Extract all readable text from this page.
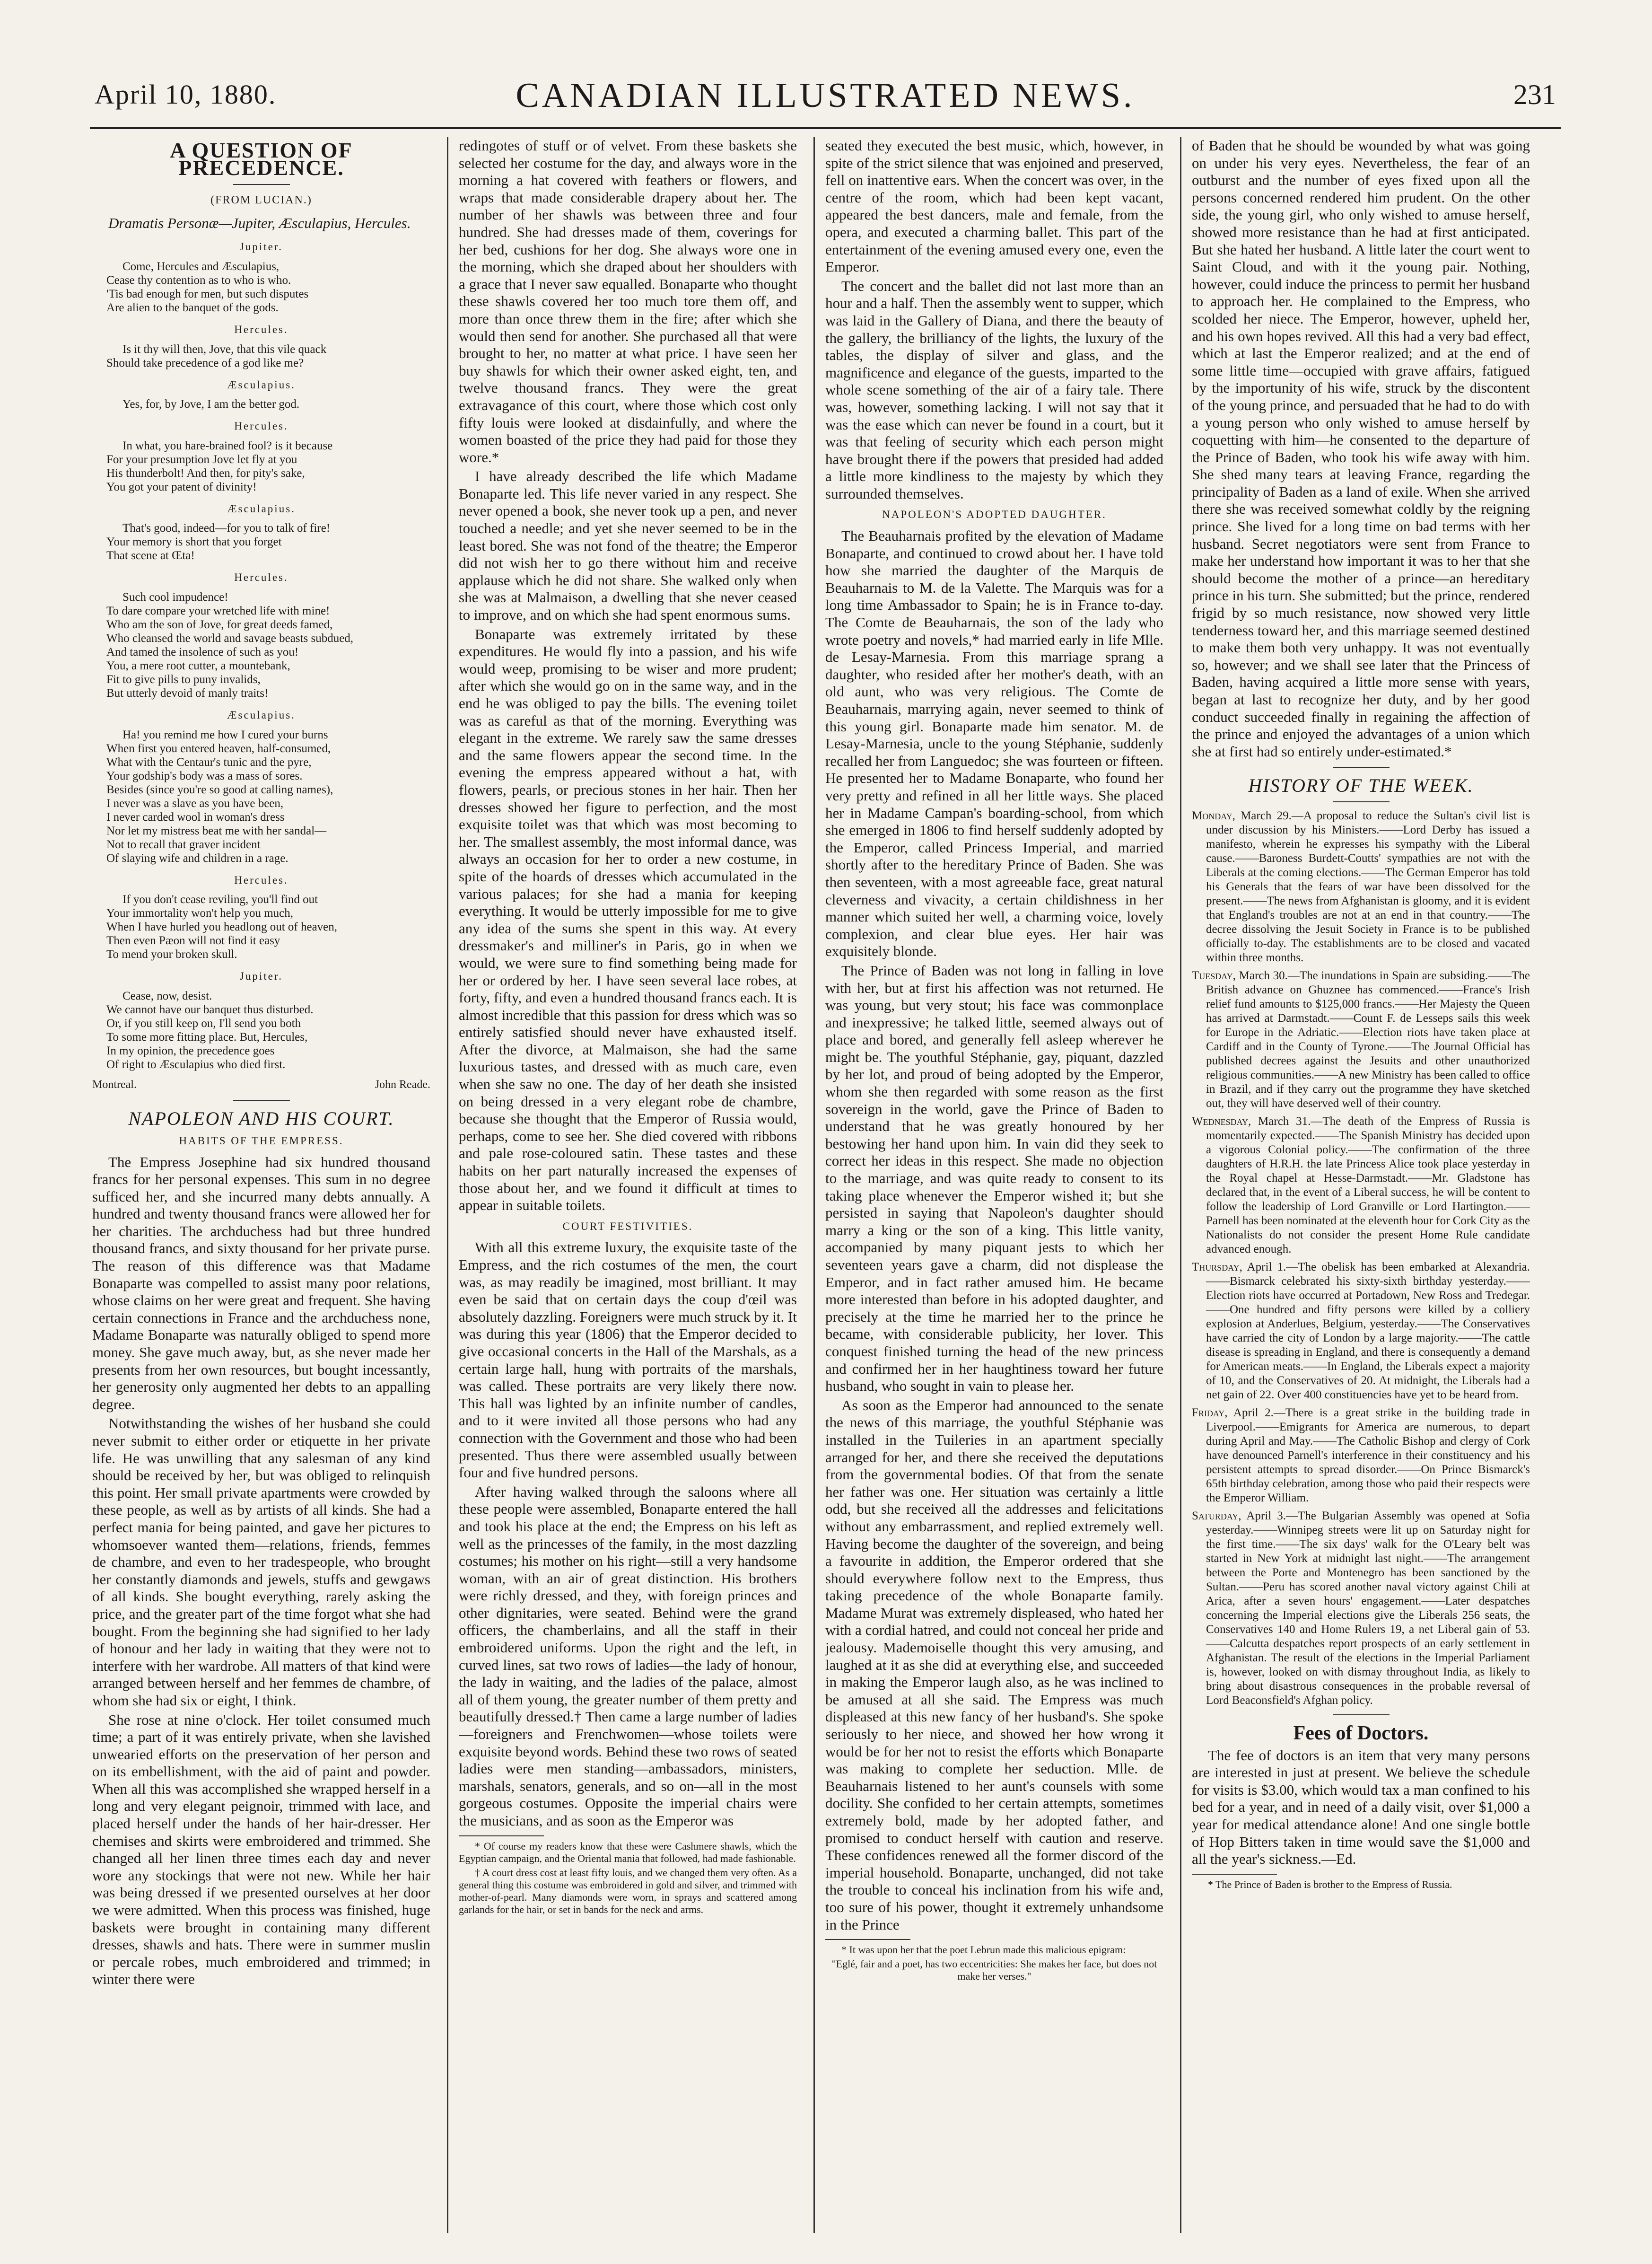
April 10, 1880.	CANADIAN ILLUSTRATED NEWS.	231
A QUESTION OF PRECEDENCE.
(FROM LUCIAN.)

Dramatis Personæ—Jupiter, Æsculapius, Hercules.

Jupiter.

Come, Hercules and Æsculapius,
Cease thy contention as to who is who.
'Tis bad enough for men, but such disputes
Are alien to the banquet of the gods.

Hercules.

Is it thy will then, Jove, that this vile quack
Should take precedence of a god like me?

Æsculapius.

Yes, for, by Jove, I am the better god.

Hercules.

In what, you hare-brained fool? is it because
For your presumption Jove let fly at you
His thunderbolt! And then, for pity's sake,
You got your patent of divinity!

Æsculapius.

That's good, indeed—for you to talk of fire!
Your memory is short that you forget
That scene at Œta!

Hercules.

Such cool impudence!
To dare compare your wretched life with mine!
Who am the son of Jove, for great deeds famed,
Who cleansed the world and savage beasts subdued,
And tamed the insolence of such as you!
You, a mere root cutter, a mountebank,
Fit to give pills to puny invalids,
But utterly devoid of manly traits!

Æsculapius.

Ha! you remind me how I cured your burns
When first you entered heaven, half-consumed,
What with the Centaur's tunic and the pyre,
Your godship's body was a mass of sores.
Besides (since you're so good at calling names),
I never was a slave as you have been,
I never carded wool in woman's dress
Nor let my mistress beat me with her sandal—
Not to recall that graver incident
Of slaying wife and children in a rage.

Hercules.

If you don't cease reviling, you'll find out
Your immortality won't help you much,
When I have hurled you headlong out of heaven,
Then even Pæon will not find it easy
To mend your broken skull.

Jupiter.

Cease, now, desist.
We cannot have our banquet thus disturbed.
Or, if you still keep on, I'll send you both
To some more fitting place. But, Hercules,
In my opinion, the precedence goes
Of right to Æsculapius who died first.

Montreal.	John Reade.
NAPOLEON AND HIS COURT.
HABITS OF THE EMPRESS.

The Empress Josephine had six hundred thousand francs for her personal expenses. This sum in no degree sufficed her, and she incurred many debts annually. A hundred and twenty thousand francs were allowed her for her charities. The archduchess had but three hundred thousand francs, and sixty thousand for her private purse. The reason of this difference was that Madame Bonaparte was compelled to assist many poor relations, whose claims on her were great and frequent. She having certain connections in France and the archduchess none, Madame Bonaparte was naturally obliged to spend more money. She gave much away, but, as she never made her presents from her own resources, but bought incessantly, her generosity only augmented her debts to an appalling degree.

Notwithstanding the wishes of her husband she could never submit to either order or etiquette in her private life. He was unwilling that any salesman of any kind should be received by her, but was obliged to relinquish this point. Her small private apartments were crowded by these people, as well as by artists of all kinds. She had a perfect mania for being painted, and gave her pictures to whomsoever wanted them—relations, friends, femmes de chambre, and even to her tradespeople, who brought her constantly diamonds and jewels, stuffs and gewgaws of all kinds. She bought everything, rarely asking the price, and the greater part of the time forgot what she had bought. From the beginning she had signified to her lady of honour and her lady in waiting that they were not to interfere with her wardrobe. All matters of that kind were arranged between herself and her femmes de chambre, of whom she had six or eight, I think.

She rose at nine o'clock. Her toilet consumed much time; a part of it was entirely private, when she lavished unwearied efforts on the preservation of her person and on its embellishment, with the aid of paint and powder. When all this was accomplished she wrapped herself in a long and very elegant peignoir, trimmed with lace, and placed herself under the hands of her hair-dresser. Her chemises and skirts were embroidered and trimmed. She changed all her linen three times each day and never wore any stockings that were not new. While her hair was being dressed if we presented ourselves at her door we were admitted. When this process was finished, huge baskets were brought in containing many different dresses, shawls and hats. There were in summer muslin or percale robes, much embroidered and trimmed; in winter there were

redingotes of stuff or of velvet. From these baskets she selected her costume for the day, and always wore in the morning a hat covered with feathers or flowers, and wraps that made considerable drapery about her. The number of her shawls was between three and four hundred. She had dresses made of them, coverings for her bed, cushions for her dog. She always wore one in the morning, which she draped about her shoulders with a grace that I never saw equalled. Bonaparte who thought these shawls covered her too much tore them off, and more than once threw them in the fire; after which she would then send for another. She purchased all that were brought to her, no matter at what price. I have seen her buy shawls for which their owner asked eight, ten, and twelve thousand francs. They were the great extravagance of this court, where those which cost only fifty louis were looked at disdainfully, and where the women boasted of the price they had paid for those they wore.*

I have already described the life which Madame Bonaparte led. This life never varied in any respect. She never opened a book, she never took up a pen, and never touched a needle; and yet she never seemed to be in the least bored. She was not fond of the theatre; the Emperor did not wish her to go there without him and receive applause which he did not share. She walked only when she was at Malmaison, a dwelling that she never ceased to improve, and on which she had spent enormous sums.

Bonaparte was extremely irritated by these expenditures. He would fly into a passion, and his wife would weep, promising to be wiser and more prudent; after which she would go on in the same way, and in the end he was obliged to pay the bills. The evening toilet was as careful as that of the morning. Everything was elegant in the extreme. We rarely saw the same dresses and the same flowers appear the second time. In the evening the empress appeared without a hat, with flowers, pearls, or precious stones in her hair. Then her dresses showed her figure to perfection, and the most exquisite toilet was that which was most becoming to her. The smallest assembly, the most informal dance, was always an occasion for her to order a new costume, in spite of the hoards of dresses which accumulated in the various palaces; for she had a mania for keeping everything. It would be utterly impossible for me to give any idea of the sums she spent in this way. At every dressmaker's and milliner's in Paris, go in when we would, we were sure to find something being made for her or ordered by her. I have seen several lace robes, at forty, fifty, and even a hundred thousand francs each. It is almost incredible that this passion for dress which was so entirely satisfied should never have exhausted itself. After the divorce, at Malmaison, she had the same luxurious tastes, and dressed with as much care, even when she saw no one. The day of her death she insisted on being dressed in a very elegant robe de chambre, because she thought that the Emperor of Russia would, perhaps, come to see her. She died covered with ribbons and pale rose-coloured satin. These tastes and these habits on her part naturally increased the expenses of those about her, and we found it difficult at times to appear in suitable toilets.

COURT FESTIVITIES.

With all this extreme luxury, the exquisite taste of the Empress, and the rich costumes of the men, the court was, as may readily be imagined, most brilliant. It may even be said that on certain days the coup d'œil was absolutely dazzling. Foreigners were much struck by it. It was during this year (1806) that the Emperor decided to give occasional concerts in the Hall of the Marshals, as a certain large hall, hung with portraits of the marshals, was called. These portraits are very likely there now. This hall was lighted by an infinite number of candles, and to it were invited all those persons who had any connection with the Government and those who had been presented. Thus there were assembled usually between four and five hundred persons.

After having walked through the saloons where all these people were assembled, Bonaparte entered the hall and took his place at the end; the Empress on his left as well as the princesses of the family, in the most dazzling costumes; his mother on his right—still a very handsome woman, with an air of great distinction. His brothers were richly dressed, and they, with foreign princes and other dignitaries, were seated. Behind were the grand officers, the chamberlains, and all the staff in their embroidered uniforms. Upon the right and the left, in curved lines, sat two rows of ladies—the lady of honour, the lady in waiting, and the ladies of the palace, almost all of them young, the greater number of them pretty and beautifully dressed.† Then came a large number of ladies—foreigners and Frenchwomen—whose toilets were exquisite beyond words. Behind these two rows of seated ladies were men standing—ambassadors, ministers, marshals, senators, generals, and so on—all in the most gorgeous costumes. Opposite the imperial chairs were the musicians, and as soon as the Emperor was

* Of course my readers know that these were Cashmere shawls, which the Egyptian campaign, and the Oriental mania that followed, had made fashionable.

† A court dress cost at least fifty louis, and we changed them very often. As a general thing this costume was embroidered in gold and silver, and trimmed with mother-of-pearl. Many diamonds were worn, in sprays and scattered among garlands for the hair, or set in bands for the neck and arms.

seated they executed the best music, which, however, in spite of the strict silence that was enjoined and preserved, fell on inattentive ears. When the concert was over, in the centre of the room, which had been kept vacant, appeared the best dancers, male and female, from the opera, and executed a charming ballet. This part of the entertainment of the evening amused every one, even the Emperor.

The concert and the ballet did not last more than an hour and a half. Then the assembly went to supper, which was laid in the Gallery of Diana, and there the beauty of the gallery, the brilliancy of the lights, the luxury of the tables, the display of silver and glass, and the magnificence and elegance of the guests, imparted to the whole scene something of the air of a fairy tale. There was, however, something lacking. I will not say that it was the ease which can never be found in a court, but it was that feeling of security which each person might have brought there if the powers that presided had added a little more kindliness to the majesty by which they surrounded themselves.

NAPOLEON'S ADOPTED DAUGHTER.

The Beauharnais profited by the elevation of Madame Bonaparte, and continued to crowd about her. I have told how she married the daughter of the Marquis de Beauharnais to M. de la Valette. The Marquis was for a long time Ambassador to Spain; he is in France to-day. The Comte de Beauharnais, the son of the lady who wrote poetry and novels,* had married early in life Mlle. de Lesay-Marnesia. From this marriage sprang a daughter, who resided after her mother's death, with an old aunt, who was very religious. The Comte de Beauharnais, marrying again, never seemed to think of this young girl. Bonaparte made him senator. M. de Lesay-Marnesia, uncle to the young Stéphanie, suddenly recalled her from Languedoc; she was fourteen or fifteen. He presented her to Madame Bonaparte, who found her very pretty and refined in all her little ways. She placed her in Madame Campan's boarding-school, from which she emerged in 1806 to find herself suddenly adopted by the Emperor, called Princess Imperial, and married shortly after to the hereditary Prince of Baden. She was then seventeen, with a most agreeable face, great natural cleverness and vivacity, a certain childishness in her manner which suited her well, a charming voice, lovely complexion, and clear blue eyes. Her hair was exquisitely blonde.

The Prince of Baden was not long in falling in love with her, but at first his affection was not returned. He was young, but very stout; his face was commonplace and inexpressive; he talked little, seemed always out of place and bored, and generally fell asleep wherever he might be. The youthful Stéphanie, gay, piquant, dazzled by her lot, and proud of being adopted by the Emperor, whom she then regarded with some reason as the first sovereign in the world, gave the Prince of Baden to understand that he was greatly honoured by her bestowing her hand upon him. In vain did they seek to correct her ideas in this respect. She made no objection to the marriage, and was quite ready to consent to its taking place whenever the Emperor wished it; but she persisted in saying that Napoleon's daughter should marry a king or the son of a king. This little vanity, accompanied by many piquant jests to which her seventeen years gave a charm, did not displease the Emperor, and in fact rather amused him. He became more interested than before in his adopted daughter, and precisely at the time he married her to the prince he became, with considerable publicity, her lover. This conquest finished turning the head of the new princess and confirmed her in her haughtiness toward her future husband, who sought in vain to please her.

As soon as the Emperor had announced to the senate the news of this marriage, the youthful Stéphanie was installed in the Tuileries in an apartment specially arranged for her, and there she received the deputations from the governmental bodies. Of that from the senate her father was one. Her situation was certainly a little odd, but she received all the addresses and felicitations without any embarrassment, and replied extremely well. Having become the daughter of the sovereign, and being a favourite in addition, the Emperor ordered that she should everywhere follow next to the Empress, thus taking precedence of the whole Bonaparte family. Madame Murat was extremely displeased, who hated her with a cordial hatred, and could not conceal her pride and jealousy. Mademoiselle thought this very amusing, and laughed at it as she did at everything else, and succeeded in making the Emperor laugh also, as he was inclined to be amused at all she said. The Empress was much displeased at this new fancy of her husband's. She spoke seriously to her niece, and showed her how wrong it would be for her not to resist the efforts which Bonaparte was making to complete her seduction. Mlle. de Beauharnais listened to her aunt's counsels with some docility. She confided to her certain attempts, sometimes extremely bold, made by her adopted father, and promised to conduct herself with caution and reserve. These confidences renewed all the former discord of the imperial household. Bonaparte, unchanged, did not take the trouble to conceal his inclination from his wife and, too sure of his power, thought it extremely unhandsome in the Prince

* It was upon her that the poet Lebrun made this malicious epigram:

"Eglé, fair and a poet, has two eccentricities: She makes her face, but does not make her verses."

of Baden that he should be wounded by what was going on under his very eyes. Nevertheless, the fear of an outburst and the number of eyes fixed upon all the persons concerned rendered him prudent. On the other side, the young girl, who only wished to amuse herself, showed more resistance than he had at first anticipated. But she hated her husband. A little later the court went to Saint Cloud, and with it the young pair. Nothing, however, could induce the princess to permit her husband to approach her. He complained to the Empress, who scolded her niece. The Emperor, however, upheld her, and his own hopes revived. All this had a very bad effect, which at last the Emperor realized; and at the end of some little time—occupied with grave affairs, fatigued by the importunity of his wife, struck by the discontent of the young prince, and persuaded that he had to do with a young person who only wished to amuse herself by coquetting with him—he consented to the departure of the Prince of Baden, who took his wife away with him. She shed many tears at leaving France, regarding the principality of Baden as a land of exile. When she arrived there she was received somewhat coldly by the reigning prince. She lived for a long time on bad terms with her husband. Secret negotiators were sent from France to make her understand how important it was to her that she should become the mother of a prince—an hereditary prince in his turn. She submitted; but the prince, rendered frigid by so much resistance, now showed very little tenderness toward her, and this marriage seemed destined to make them both very unhappy. It was not eventually so, however; and we shall see later that the Princess of Baden, having acquired a little more sense with years, began at last to recognize her duty, and by her good conduct succeeded finally in regaining the affection of the prince and enjoyed the advantages of a union which she at first had so entirely under-estimated.*

HISTORY OF THE WEEK.

Monday, March 29.—A proposal to reduce the Sultan's civil list is under discussion by his Ministers.——Lord Derby has issued a manifesto, wherein he expresses his sympathy with the Liberal cause.——Baroness Burdett-Coutts' sympathies are not with the Liberals at the coming elections.——The German Emperor has told his Generals that the fears of war have been dissolved for the present.——The news from Afghanistan is gloomy, and it is evident that England's troubles are not at an end in that country.——The decree dissolving the Jesuit Society in France is to be published officially to-day. The establishments are to be closed and vacated within three months.

Tuesday, March 30.—The inundations in Spain are subsiding.——The British advance on Ghuznee has commenced.——France's Irish relief fund amounts to $125,000 francs.——Her Majesty the Queen has arrived at Darmstadt.——Count F. de Lesseps sails this week for Europe in the Adriatic.——Election riots have taken place at Cardiff and in the County of Tyrone.——The Journal Official has published decrees against the Jesuits and other unauthorized religious communities.——A new Ministry has been called to office in Brazil, and if they carry out the programme they have sketched out, they will have deserved well of their country.

Wednesday, March 31.—The death of the Empress of Russia is momentarily expected.——The Spanish Ministry has decided upon a vigorous Colonial policy.——The confirmation of the three daughters of H.R.H. the late Princess Alice took place yesterday in the Royal chapel at Hesse-Darmstadt.——Mr. Gladstone has declared that, in the event of a Liberal success, he will be content to follow the leadership of Lord Granville or Lord Hartington.——Parnell has been nominated at the eleventh hour for Cork City as the Nationalists do not consider the present Home Rule candidate advanced enough.

Thursday, April 1.—The obelisk has been embarked at Alexandria.——Bismarck celebrated his sixty-sixth birthday yesterday.——Election riots have occurred at Portadown, New Ross and Tredegar.——One hundred and fifty persons were killed by a colliery explosion at Anderlues, Belgium, yesterday.——The Conservatives have carried the city of London by a large majority.——The cattle disease is spreading in England, and there is consequently a demand for American meats.——In England, the Liberals expect a majority of 10, and the Conservatives of 20. At midnight, the Liberals had a net gain of 22. Over 400 constituencies have yet to be heard from.

Friday, April 2.—There is a great strike in the building trade in Liverpool.——Emigrants for America are numerous, to depart during April and May.——The Catholic Bishop and clergy of Cork have denounced Parnell's interference in their constituency and his persistent attempts to spread disorder.——On Prince Bismarck's 65th birthday celebration, among those who paid their respects were the Emperor William.

Saturday, April 3.—The Bulgarian Assembly was opened at Sofia yesterday.——Winnipeg streets were lit up on Saturday night for the first time.——The six days' walk for the O'Leary belt was started in New York at midnight last night.——The arrangement between the Porte and Montenegro has been sanctioned by the Sultan.——Peru has scored another naval victory against Chili at Arica, after a seven hours' engagement.——Later despatches concerning the Imperial elections give the Liberals 256 seats, the Conservatives 140 and Home Rulers 19, a net Liberal gain of 53.——Calcutta despatches report prospects of an early settlement in Afghanistan. The result of the elections in the Imperial Parliament is, however, looked on with dismay throughout India, as likely to bring about disastrous consequences in the probable reversal of Lord Beaconsfield's Afghan policy.

Fees of Doctors.

The fee of doctors is an item that very many persons are interested in just at present. We believe the schedule for visits is $3.00, which would tax a man confined to his bed for a year, and in need of a daily visit, over $1,000 a year for medical attendance alone! And one single bottle of Hop Bitters taken in time would save the $1,000 and all the year's sickness.—Ed.

* The Prince of Baden is brother to the Empress of Russia.
